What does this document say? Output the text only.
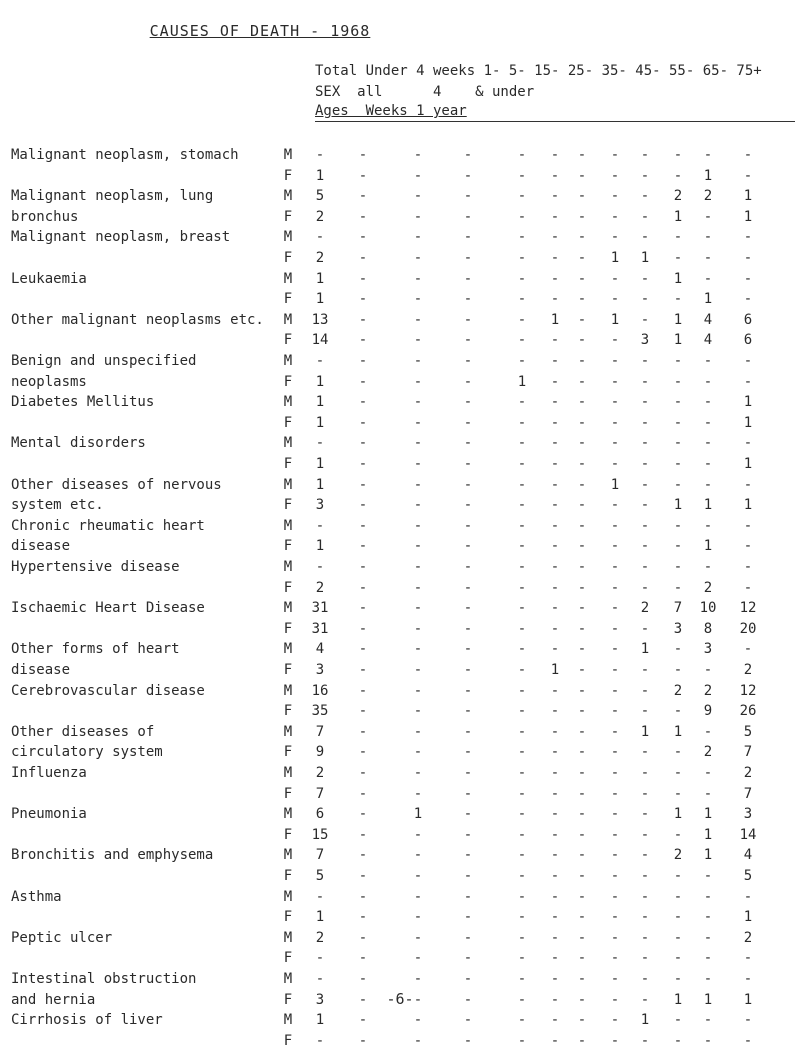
CAUSES OF DEATH - 1968
Total Under 4 weeks 1- 5- 15- 25- 35- 45- 55- 65- 75+
SEX  all      4    & under
Ages  Weeks 1 year
Malignant neoplasm, stomach	M	-	-	-	-	-	-	-	-	-	-	-	-
F	1	-	-	-	-	-	-	-	-	-	1	-
Malignant neoplasm, lung	M	5	-	-	-	-	-	-	-	-	2	2	1
bronchus	F	2	-	-	-	-	-	-	-	-	1	-	1
Malignant neoplasm, breast	M	-	-	-	-	-	-	-	-	-	-	-	-
F	2	-	-	-	-	-	-	1	1	-	-	-
Leukaemia	M	1	-	-	-	-	-	-	-	-	1	-	-
F	1	-	-	-	-	-	-	-	-	-	1	-
Other malignant neoplasms etc. M	13	-	-	-	-	1	-	1	-	1	4	6
F	14	-	-	-	-	-	-	-	3	1	4	6
Benign and unspecified	M	-	-	-	-	-	-	-	-	-	-	-	-
neoplasms	F	1	-	-	-	1	-	-	-	-	-	-	-
Diabetes Mellitus	M	1	-	-	-	-	-	-	-	-	-	-	1
F	1	-	-	-	-	-	-	-	-	-	-	1
Mental disorders	M	-	-	-	-	-	-	-	-	-	-	-	-
F	1	-	-	-	-	-	-	-	-	-	-	1
Other diseases of nervous	M	1	-	-	-	-	-	-	1	-	-	-	-
system etc.	F	3	-	-	-	-	-	-	-	-	1	1	1
Chronic rheumatic heart	M	-	-	-	-	-	-	-	-	-	-	-	-
disease	F	1	-	-	-	-	-	-	-	-	-	1	-
Hypertensive disease	M	-	-	-	-	-	-	-	-	-	-	-	-
F	2	-	-	-	-	-	-	-	-	-	2	-
Ischaemic Heart Disease	M	31	-	-	-	-	-	-	-	2	7	10	12
F	31	-	-	-	-	-	-	-	-	3	8	20
Other forms of heart	M	4	-	-	-	-	-	-	-	1	-	3	-
disease	F	3	-	-	-	-	1	-	-	-	-	-	2
Cerebrovascular disease	M	16	-	-	-	-	-	-	-	-	2	2	12
F	35	-	-	-	-	-	-	-	-	-	9	26
Other diseases of	M	7	-	-	-	-	-	-	-	1	1	-	5
circulatory system	F	9	-	-	-	-	-	-	-	-	-	2	7
Influenza	M	2	-	-	-	-	-	-	-	-	-	-	2
F	7	-	-	-	-	-	-	-	-	-	-	7
Pneumonia	M	6	-	1	-	-	-	-	-	-	1	1	3
F	15	-	-	-	-	-	-	-	-	-	1	14
Bronchitis and emphysema	M	7	-	-	-	-	-	-	-	-	2	1	4
F	5	-	-	-	-	-	-	-	-	-	-	5
Asthma	M	-	-	-	-	-	-	-	-	-	-	-	-
F	1	-	-	-	-	-	-	-	-	-	-	1
Peptic ulcer	M	2	-	-	-	-	-	-	-	-	-	-	2
F	-	-	-	-	-	-	-	-	-	-	-	-
Intestinal obstruction	M	-	-	-	-	-	-	-	-	-	-	-	-
and hernia	F	3	-	-	-	-	-	-	-	-	1	1	1
Cirrhosis of liver	M	1	-	-	-	-	-	-	-	1	-	-	-
F	-	-	-	-	-	-	-	-	-	-	-	-
-6-
